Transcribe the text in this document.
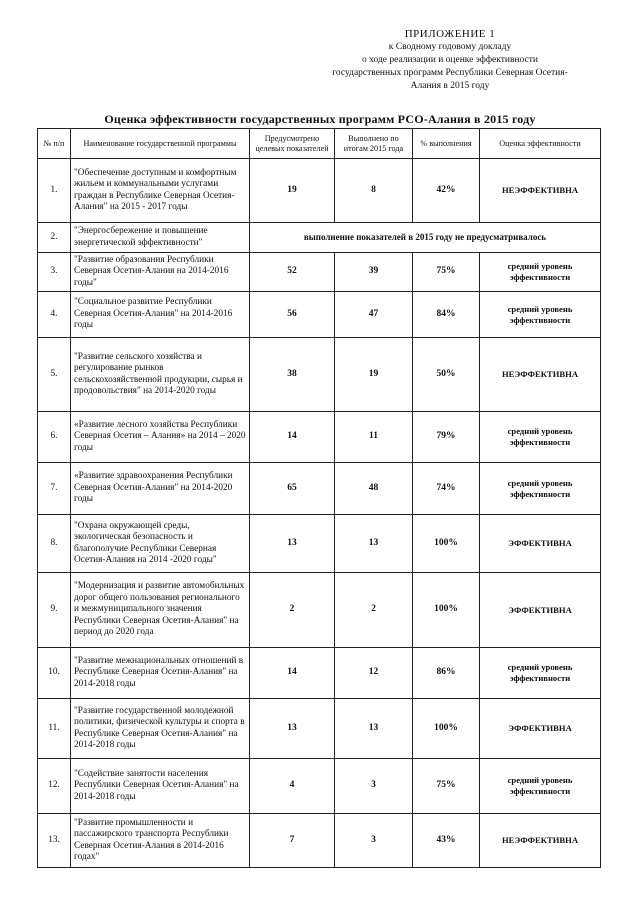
ПРИЛОЖЕНИЕ 1
к Сводному годовому докладу
о ходе реализации и оценке эффективности
государственных программ Республики Северная Осетия-
Алания в 2015 году
Оценка эффективности государственных программ РСО-Алания в 2015 году
№ п/п	Наименование государственной программы	Предусмотрено целевых показателей	Выполнено по итогам 2015 года	% выполнения	Оценка эффективности
1.	"Обеспечение доступным и комфортным жильем и коммунальными услугами граждан в Республике Северная Осетия-Алания" на 2015 - 2017 годы	19	8	42%	НЕЭФФЕКТИВНА
2.	"Энергосбережение и повышение энергетической эффективности"	выполнение показателей в 2015 году не предусматривалось			
3.	"Развитие образования Республики Северная Осетия-Алания на 2014-2016 годы"	52	39	75%	средний уровень эффективности
4.	"Социальное развитие Республики Северная Осетия-Алания" на 2014-2016 годы	56	47	84%	средний уровень эффективности
5.	"Развитие сельского хозяйства и регулирование рынков сельскохозяйственной продукции, сырья и продовольствия" на 2014-2020 годы	38	19	50%	НЕЭФФЕКТИВНА
6.	«Развитие лесного хозяйства Республики Северная Осетия – Алания» на 2014 – 2020 годы	14	11	79%	средний уровень эффективности
7.	«Развитие здравоохранения Республики Северная Осетия-Алания" на 2014-2020 годы	65	48	74%	средний уровень эффективности
8.	"Охрана окружающей среды, экологическая безопасность и благополучие Республики Северная Осетия-Алания на 2014 -2020 годы"	13	13	100%	ЭФФЕКТИВНА
9.	"Модернизация и развитие автомобильных дорог общего пользования регионального и межмуниципального значения Республики Северная Осетия-Алания" на период до 2020 года	2	2	100%	ЭФФЕКТИВНА
10.	"Развитие межнациональных отношений в Республике Северная Осетия-Алания" на 2014-2018 годы	14	12	86%	средний уровень эффективности
11.	"Развитие государственной молодежной политики, физической культуры и спорта в Республике Северная Осетия-Алания" на 2014-2018 годы	13	13	100%	ЭФФЕКТИВНА
12.	"Содействие занятости населения Республики Северная Осетия-Алания" на 2014-2018 годы	4	3	75%	средний уровень эффективности
13.	"Развитие промышленности и пассажирского транспорта Республики Северная Осетия-Алания в 2014-2016 годах"	7	3	43%	НЕЭФФЕКТИВНА
